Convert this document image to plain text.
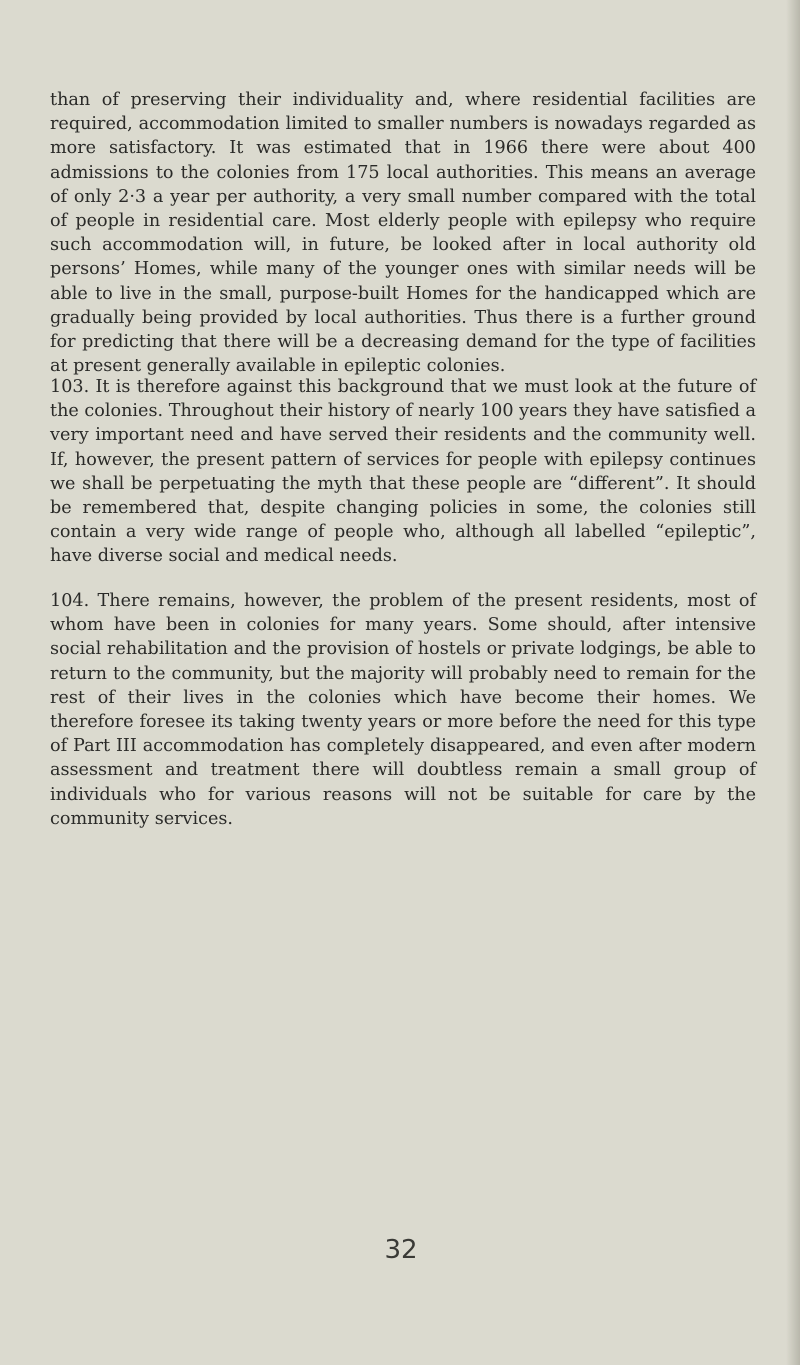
than of preserving their individuality and, where residential facilities are required, accommodation limited to smaller numbers is nowadays regarded as more satisfactory. It was estimated that in 1966 there were about 400 admissions to the colonies from 175 local authorities. This means an average of only 2·3 a year per authority, a very small number compared with the total of people in residential care. Most elderly people with epilepsy who require such accommodation will, in future, be looked after in local authority old persons’ Homes, while many of the younger ones with similar needs will be able to live in the small, purpose-built Homes for the handicapped which are gradually being provided by local authorities. Thus there is a further ground for predicting that there will be a decreasing demand for the type of facilities at present generally available in epileptic colonies.

103. It is therefore against this background that we must look at the future of the colonies. Throughout their history of nearly 100 years they have satisfied a very important need and have served their residents and the community well. If, however, the present pattern of services for people with epilepsy continues we shall be perpetuating the myth that these people are “different”. It should be remembered that, despite changing policies in some, the colonies still contain a very wide range of people who, although all labelled “epileptic”, have diverse social and medical needs.

104. There remains, however, the problem of the present residents, most of whom have been in colonies for many years. Some should, after intensive social rehabilitation and the provision of hostels or private lodgings, be able to return to the community, but the majority will probably need to remain for the rest of their lives in the colonies which have become their homes. We therefore foresee its taking twenty years or more before the need for this type of Part III accommodation has completely disappeared, and even after modern assessment and treatment there will doubtless remain a small group of individuals who for various reasons will not be suitable for care by the community services.

32
